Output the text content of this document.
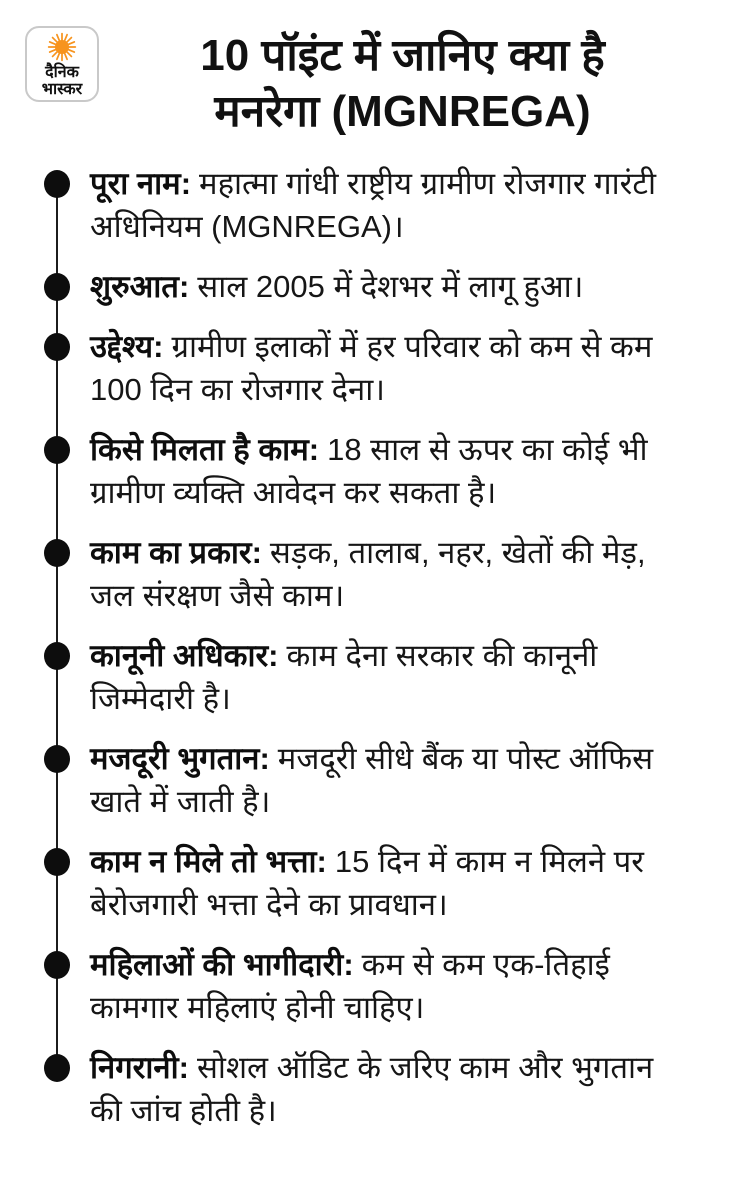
दैनिक
भास्कर
10 पॉइंट में जानिए क्या है
मनरेगा (MGNREGA)

पूरा नाम: महात्मा गांधी राष्ट्रीय ग्रामीण रोजगार गारंटी अधिनियम (MGNREGA)।

शुरुआत: साल 2005 में देशभर में लागू हुआ।

उद्देश्य: ग्रामीण इलाकों में हर परिवार को कम से कम 100 दिन का रोजगार देना।

किसे मिलता है काम: 18 साल से ऊपर का कोई भी ग्रामीण व्यक्ति आवेदन कर सकता है।

काम का प्रकार: सड़क, तालाब, नहर, खेतों की मेड़, जल संरक्षण जैसे काम।

कानूनी अधिकार: काम देना सरकार की कानूनी जिम्मेदारी है।

मजदूरी भुगतान: मजदूरी सीधे बैंक या पोस्ट ऑफिस खाते में जाती है।

काम न मिले तो भत्ता: 15 दिन में काम न मिलने पर बेरोजगारी भत्ता देने का प्रावधान।

महिलाओं की भागीदारी: कम से कम एक-तिहाई कामगार महिलाएं होनी चाहिए।

निगरानी: सोशल ऑडिट के जरिए काम और भुगतान की जांच होती है।
